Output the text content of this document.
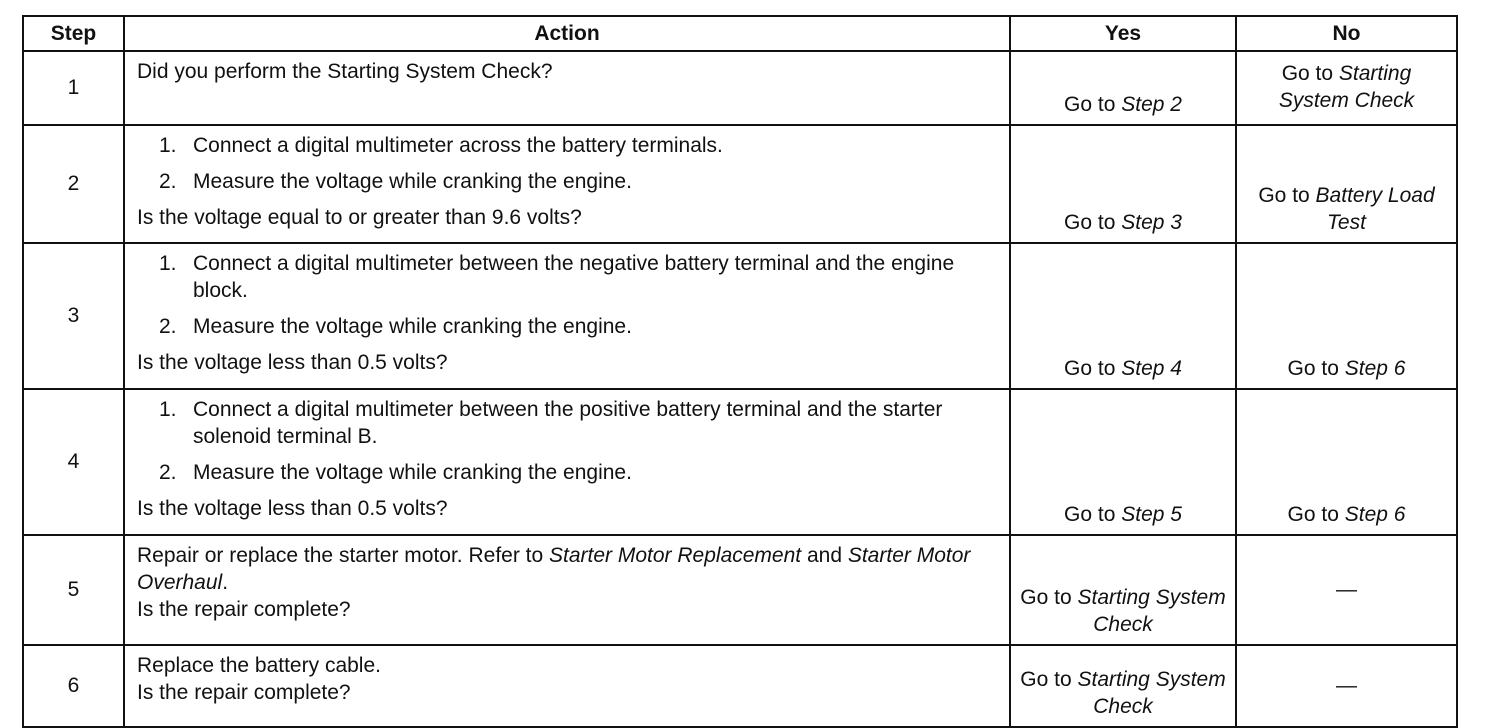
Step	Action	Yes	No
1	Did you perform the Starting System Check?	Go to Step 2	Go to Starting System Check
2	1. Connect a digital multimeter across the battery terminals.
2. Measure the voltage while cranking the engine.
Is the voltage equal to or greater than 9.6 volts?	Go to Step 3	Go to Battery Load Test
3	1. Connect a digital multimeter between the negative battery terminal and the engine block.
2. Measure the voltage while cranking the engine.
Is the voltage less than 0.5 volts?	Go to Step 4	Go to Step 6
4	1. Connect a digital multimeter between the positive battery terminal and the starter solenoid terminal B.
2. Measure the voltage while cranking the engine.
Is the voltage less than 0.5 volts?	Go to Step 5	Go to Step 6
5	Repair or replace the starter motor. Refer to Starter Motor Replacement and Starter Motor Overhaul.
Is the repair complete?	Go to Starting System Check	—
6	Replace the battery cable.
Is the repair complete?	Go to Starting System Check	—
